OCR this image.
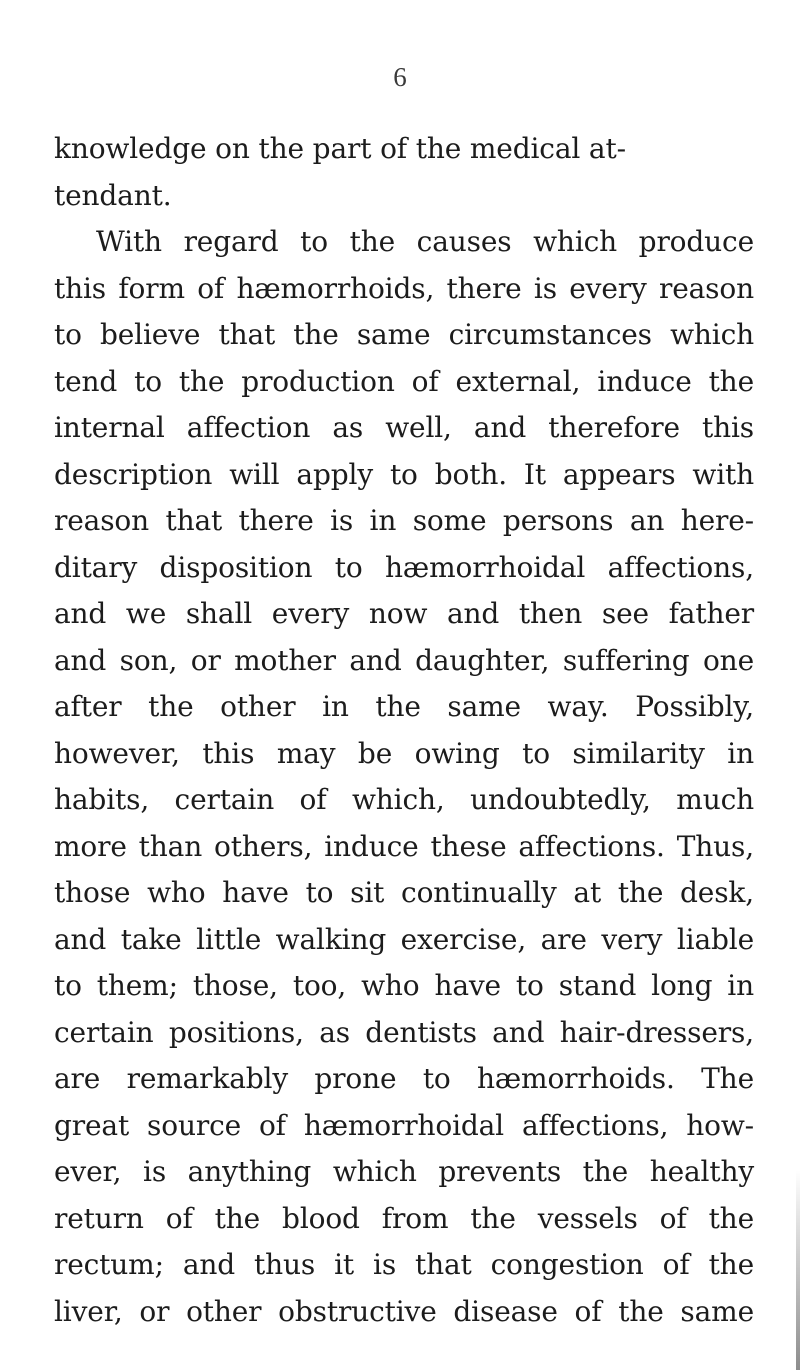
6
knowledge on the part of the medical at-
tendant.
With regard to the causes which produce
this form of hæmorrhoids, there is every reason
to believe that the same circumstances which
tend to the production of external, induce the
internal affection as well, and therefore this
description will apply to both. It appears with
reason that there is in some persons an here-
ditary disposition to hæmorrhoidal affections,
and we shall every now and then see father
and son, or mother and daughter, suffering one
after the other in the same way. Possibly,
however, this may be owing to similarity in
habits, certain of which, undoubtedly, much
more than others, induce these affections. Thus,
those who have to sit continually at the desk,
and take little walking exercise, are very liable
to them; those, too, who have to stand long in
certain positions, as dentists and hair-dressers,
are remarkably prone to hæmorrhoids. The
great source of hæmorrhoidal affections, how-
ever, is anything which prevents the healthy
return of the blood from the vessels of the
rectum; and thus it is that congestion of the
liver, or other obstructive disease of the same
